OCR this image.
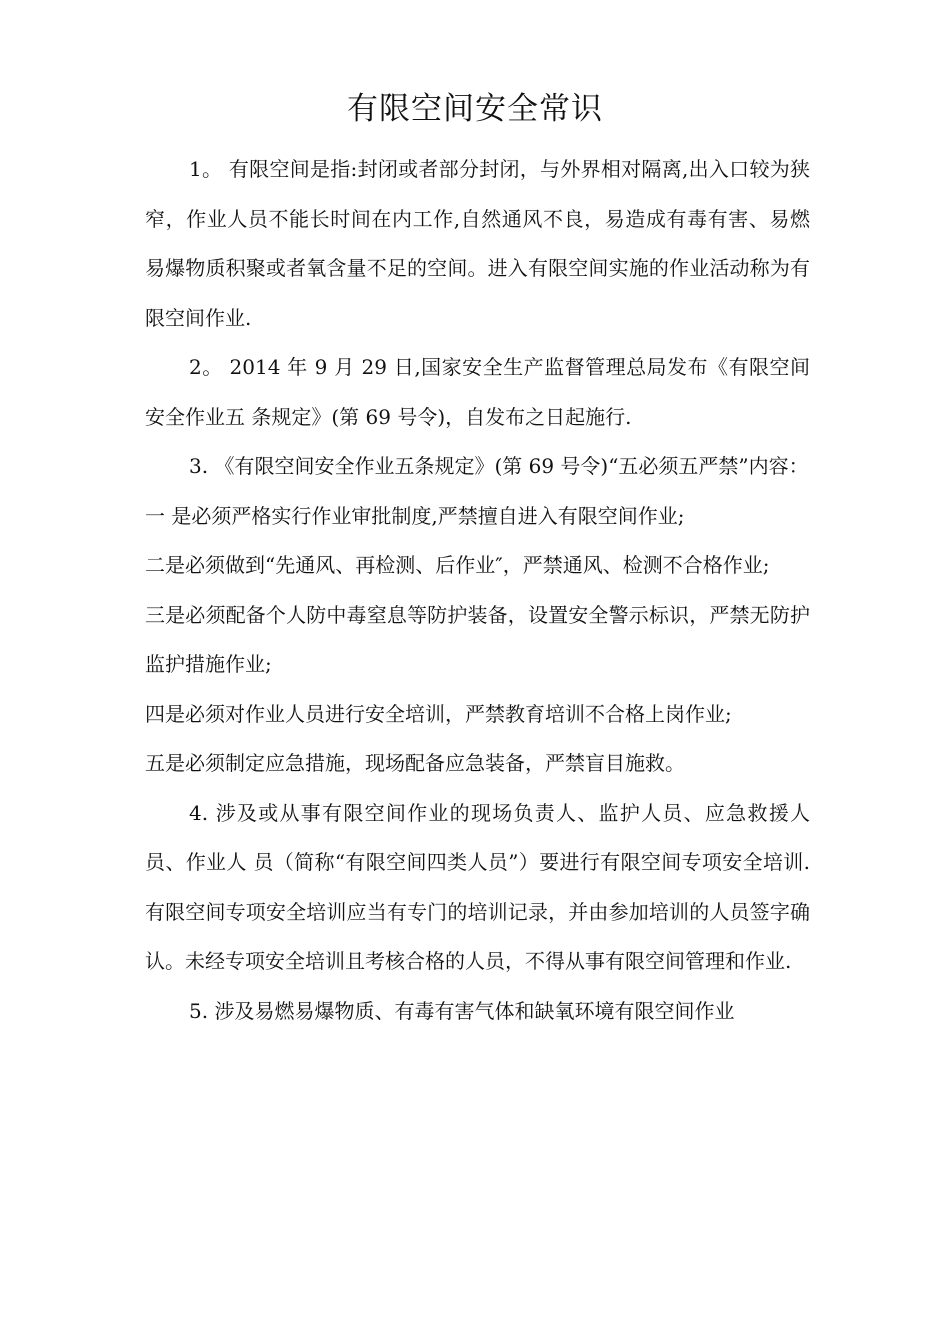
有限空间安全常识

1。 有限空间是指:封闭或者部分封闭，与外界相对隔离,出入口较为狭窄，作业人员不能长时间在内工作,自然通风不良，易造成有毒有害、易燃易爆物质积聚或者氧含量不足的空间。进入有限空间实施的作业活动称为有限空间作业.

2。 2014 年 9 月 29 日,国家安全生产监督管理总局发布《有限空间安全作业五 条规定》(第 69 号令)，自发布之日起施行.

3. 《有限空间安全作业五条规定》(第 69 号令)“五必须五严禁”内容：

一 是必须严格实行作业审批制度,严禁擅自进入有限空间作业;

二是必须做到“先通风、再检测、后作业″，严禁通风、检测不合格作业;

三是必须配备个人防中毒窒息等防护装备，设置安全警示标识，严禁无防护监护措施作业;

四是必须对作业人员进行安全培训，严禁教育培训不合格上岗作业;

五是必须制定应急措施，现场配备应急装备，严禁盲目施救。

4. 涉及或从事有限空间作业的现场负责人、监护人员、应急救援人员、作业人 员（简称“有限空间四类人员”）要进行有限空间专项安全培训.有限空间专项安全培训应当有专门的培训记录，并由参加培训的人员签字确认。未经专项安全培训且考核合格的人员，不得从事有限空间管理和作业.

5. 涉及易燃易爆物质、有毒有害气体和缺氧环境有限空间作业
